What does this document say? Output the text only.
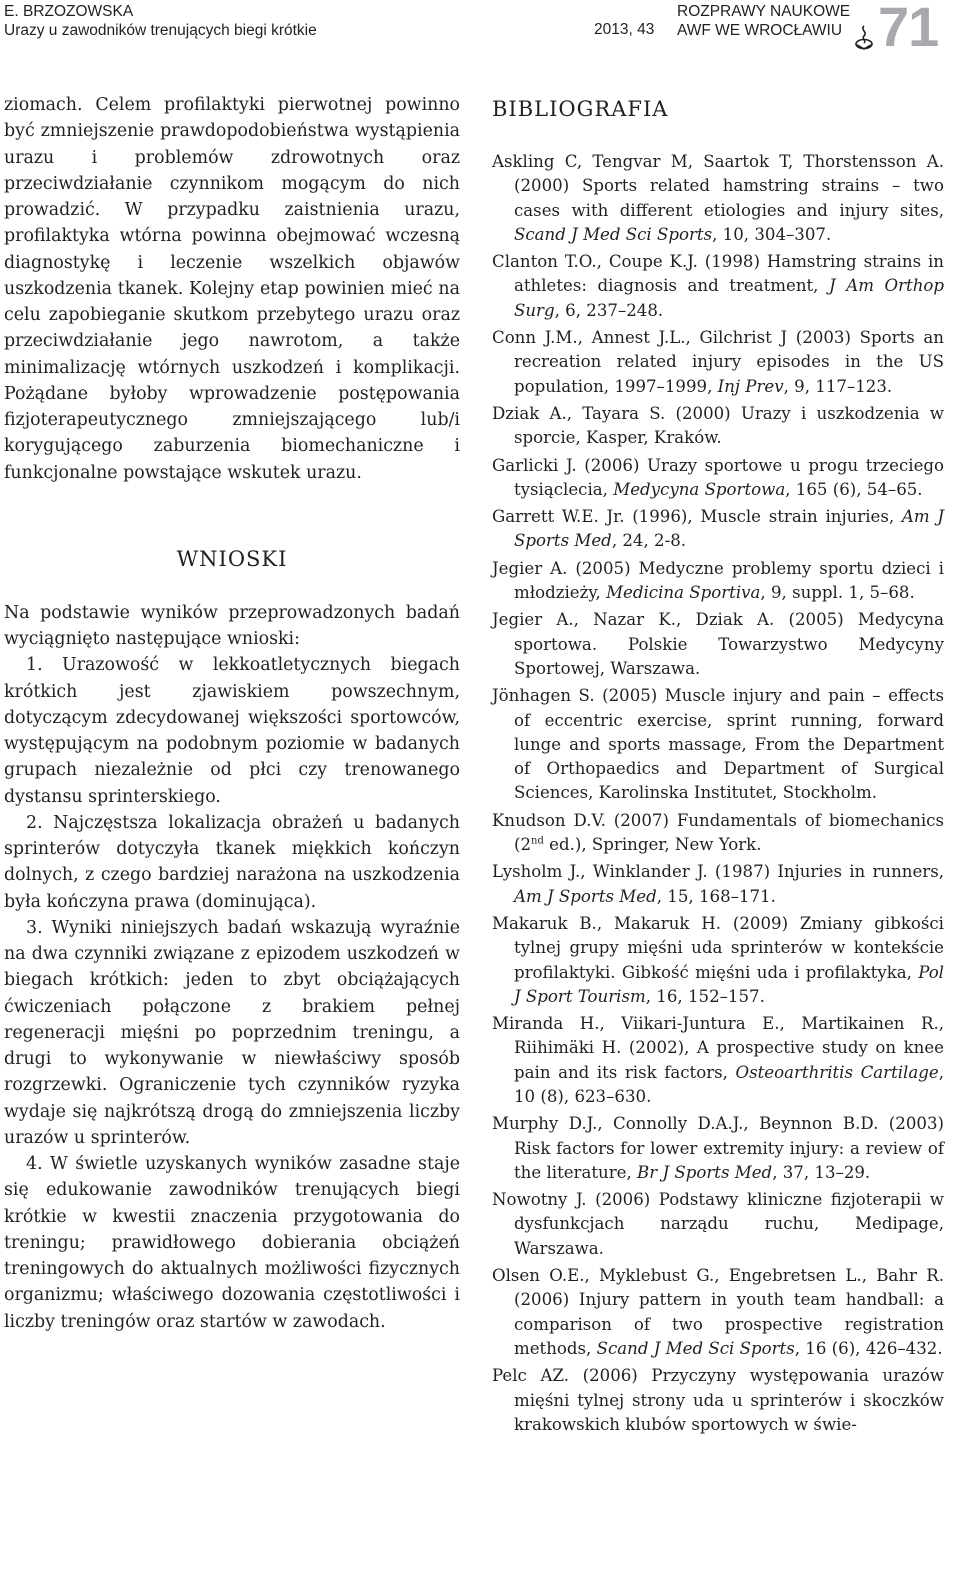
E. BRZOZOWSKA
Urazy u zawodników trenujących biegi krótkie	2013, 43
ROZPRAWY NAUKOWE
AWF WE WROCŁAWIU 71

ziomach. Celem profilaktyki pierwotnej powinno być zmniejszenie prawdopodobieństwa wystąpienia urazu i problemów zdrowotnych oraz przeciwdziałanie czynnikom mogącym do nich prowadzić. W przypadku zaistnienia urazu, profilaktyka wtórna powinna obejmować wczesną diagnostykę i leczenie wszelkich objawów uszkodzenia tkanek. Kolejny etap powinien mieć na celu zapobieganie skutkom przebytego urazu oraz przeciwdziałanie jego nawrotom, a także minimalizację wtórnych uszkodzeń i komplikacji. Pożądane byłoby wprowadzenie postępowania fizjoterapeutycznego zmniejszającego lub/i korygującego zaburzenia biomechaniczne i funkcjonalne powstające wskutek urazu.

WNIOSKI

Na podstawie wyników przeprowadzonych badań wyciągnięto następujące wnioski:

1. Urazowość w lekkoatletycznych biegach krótkich jest zjawiskiem powszechnym, dotyczącym zdecydowanej większości sportowców, występującym na podobnym poziomie w badanych grupach niezależnie od płci czy trenowanego dystansu sprinterskiego.

2. Najczęstsza lokalizacja obrażeń u badanych sprinterów dotyczyła tkanek miękkich kończyn dolnych, z czego bardziej narażona na uszkodzenia była kończyna prawa (dominująca).

3. Wyniki niniejszych badań wskazują wyraźnie na dwa czynniki związane z epizodem uszkodzeń w biegach krótkich: jeden to zbyt obciążających ćwiczeniach połączone z brakiem pełnej regeneracji mięśni po poprzednim treningu, a drugi to wykonywanie w niewłaściwy sposób rozgrzewki. Ograniczenie tych czynników ryzyka wydaje się najkrótszą drogą do zmniejszenia liczby urazów u sprinterów.

4. W świetle uzyskanych wyników zasadne staje się edukowanie zawodników trenujących biegi krótkie w kwestii znaczenia przygotowania do treningu; prawidłowego dobierania obciążeń treningowych do aktualnych możliwości fizycznych organizmu; właściwego dozowania częstotliwości i liczby treningów oraz startów w zawodach.

BIBLIOGRAFIA

Askling C, Tengvar M, Saartok T, Thorstensson A. (2000) Sports related hamstring strains – two cases with different etiologies and injury sites, Scand J Med Sci Sports, 10, 304–307.

Clanton T.O., Coupe K.J. (1998) Hamstring strains in athletes: diagnosis and treatment, J Am Orthop Surg, 6, 237–248.

Conn J.M., Annest J.L., Gilchrist J (2003) Sports an recreation related injury episodes in the US population, 1997–1999, Inj Prev, 9, 117–123.

Dziak A., Tayara S. (2000) Urazy i uszkodzenia w sporcie, Kasper, Kraków.

Garlicki J. (2006) Urazy sportowe u progu trzeciego tysiąclecia, Medycyna Sportowa, 165 (6), 54–65.

Garrett W.E. Jr. (1996), Muscle strain injuries, Am J Sports Med, 24, 2-8.

Jegier A. (2005) Medyczne problemy sportu dzieci i młodzieży, Medicina Sportiva, 9, suppl. 1, 5–68.

Jegier A., Nazar K., Dziak A. (2005) Medycyna sportowa. Polskie Towarzystwo Medycyny Sportowej, Warszawa.

Jönhagen S. (2005) Muscle injury and pain – effects of eccentric exercise, sprint running, forward lunge and sports massage, From the Department of Orthopaedics and Department of Surgical Sciences, Karolinska Institutet, Stockholm.

Knudson D.V. (2007) Fundamentals of biomechanics (2nd ed.), Springer, New York.

Lysholm J., Winklander J. (1987) Injuries in runners, Am J Sports Med, 15, 168–171.

Makaruk B., Makaruk H. (2009) Zmiany gibkości tylnej grupy mięśni uda sprinterów w kontekście profilaktyki. Gibkość mięśni uda i profilaktyka, Pol J Sport Tourism, 16, 152–157.

Miranda H., Viikari-Juntura E., Martikainen R., Riihimäki H. (2002), A prospective study on knee pain and its risk factors, Osteoarthritis Cartilage, 10 (8), 623–630.

Murphy D.J., Connolly D.A.J., Beynnon B.D. (2003) Risk factors for lower extremity injury: a review of the literature, Br J Sports Med, 37, 13–29.

Nowotny J. (2006) Podstawy kliniczne fizjoterapii w dysfunkcjach narządu ruchu, Medipage, Warszawa.

Olsen O.E., Myklebust G., Engebretsen L., Bahr R. (2006) Injury pattern in youth team handball: a comparison of two prospective registration methods, Scand J Med Sci Sports, 16 (6), 426–432.

Pelc AZ. (2006) Przyczyny występowania urazów mięśni tylnej strony uda u sprinterów i skoczków krakowskich klubów sportowych w świe-
